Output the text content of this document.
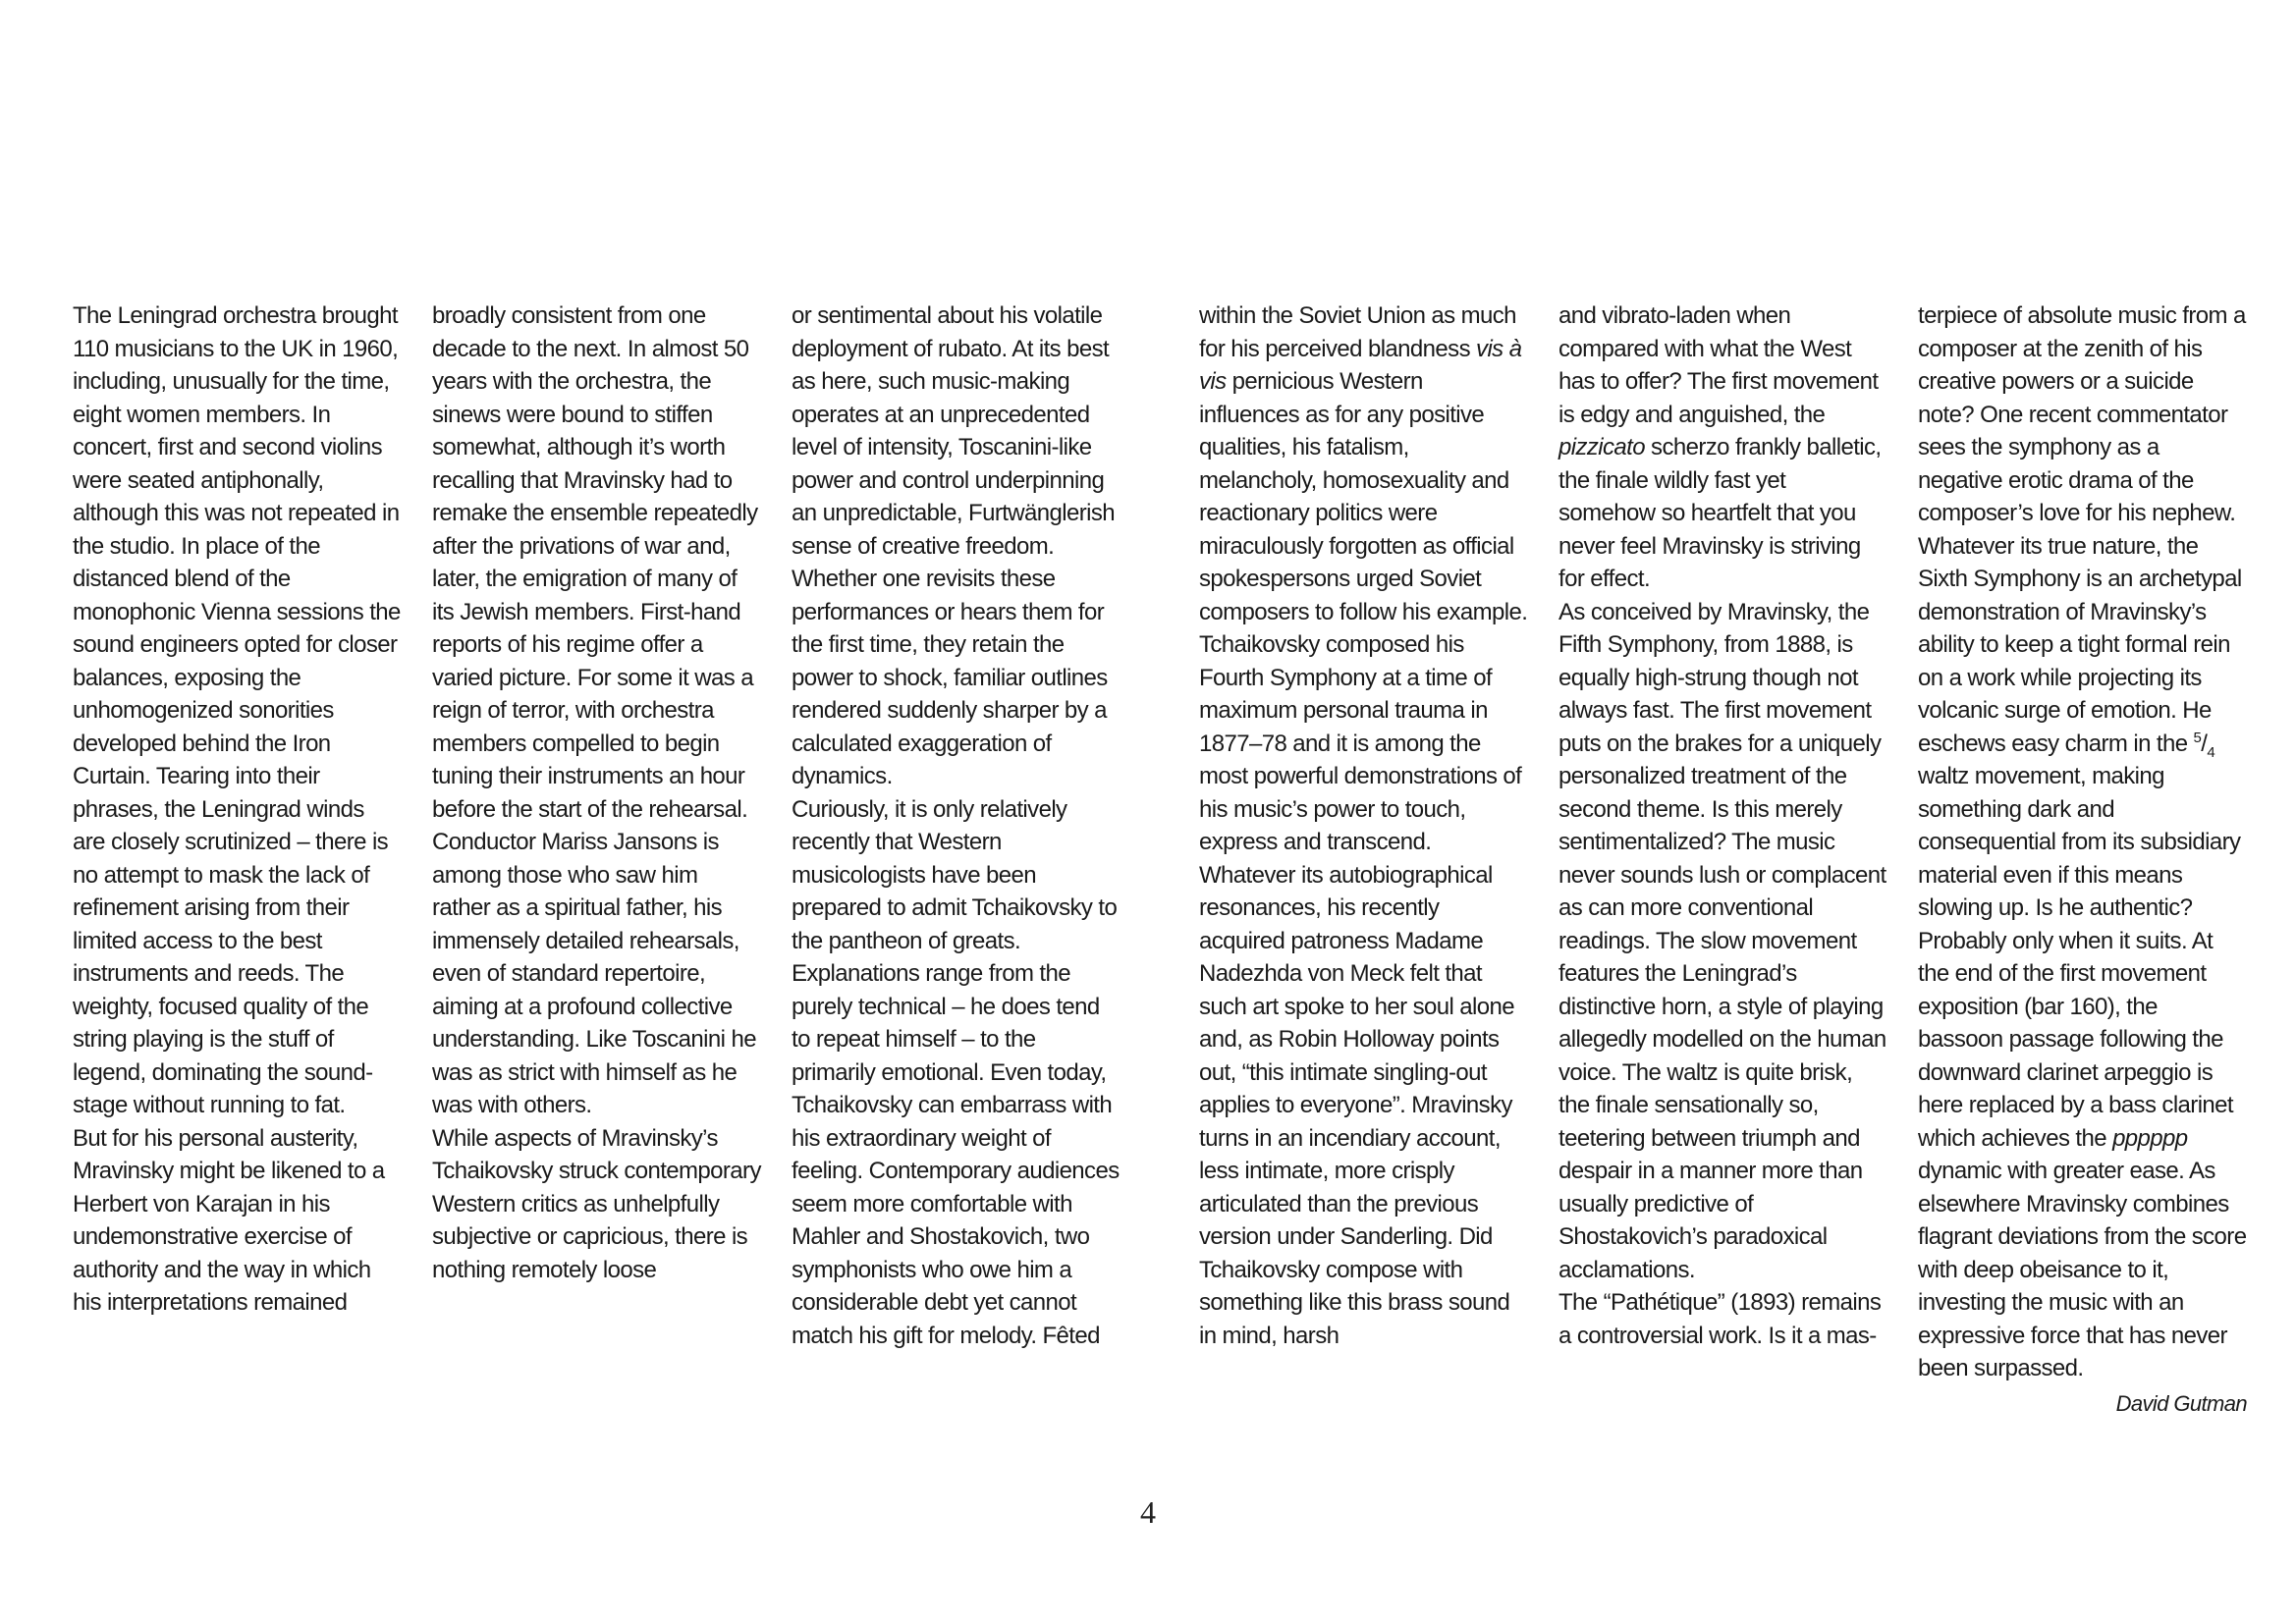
The Leningrad orchestra brought 110 musicians to the UK in 1960, including, unusually for the time, eight women members. In concert, first and second violins were seated antiphonally, although this was not repeated in the studio. In place of the distanced blend of the monophonic Vienna sessions the sound engineers opted for closer balances, exposing the unhomogenized sonorities developed behind the Iron Curtain. Tearing into their phrases, the Leningrad winds are closely scrutinized – there is no attempt to mask the lack of refinement arising from their limited access to the best instruments and reeds. The weighty, focused quality of the string playing is the stuff of legend, dominating the sound-stage without running to fat.

But for his personal austerity, Mravinsky might be likened to a Herbert von Karajan in his undemonstrative exercise of authority and the way in which his interpretations remained

broadly consistent from one decade to the next. In almost 50 years with the orchestra, the sinews were bound to stiffen somewhat, although it’s worth recalling that Mravinsky had to remake the ensemble repeatedly after the privations of war and, later, the emigration of many of its Jewish members. First-hand reports of his regime offer a varied picture. For some it was a reign of terror, with orchestra members compelled to begin tuning their instruments an hour before the start of the rehearsal. Conductor Mariss Jansons is among those who saw him rather as a spiritual father, his immensely detailed rehearsals, even of standard repertoire, aiming at a profound collective understanding. Like Toscanini he was as strict with himself as he was with others.

While aspects of Mravinsky’s Tchaikovsky struck contemporary Western critics as unhelpfully subjective or capricious, there is nothing remotely loose

or sentimental about his volatile deployment of rubato. At its best as here, such music-making operates at an unprecedented level of intensity, Toscanini-like power and control underpinning an unpredictable, Furtwänglerish sense of creative freedom. Whether one revisits these performances or hears them for the first time, they retain the power to shock, familiar outlines rendered suddenly sharper by a calculated exaggeration of dynamics.

Curiously, it is only relatively recently that Western musicologists have been prepared to admit Tchaikovsky to the pantheon of greats. Explanations range from the purely technical – he does tend to repeat himself – to the primarily emotional. Even today, Tchaikovsky can embarrass with his extraordinary weight of feeling. Contemporary audiences seem more comfortable with Mahler and Shostakovich, two symphonists who owe him a considerable debt yet cannot match his gift for melody. Fêted

within the Soviet Union as much for his perceived blandness vis à vis pernicious Western influences as for any positive qualities, his fatalism, melancholy, homosexuality and reactionary politics were miraculously forgotten as official spokespersons urged Soviet composers to follow his example.

Tchaikovsky composed his Fourth Symphony at a time of maximum personal trauma in 1877–78 and it is among the most powerful demonstrations of his music’s power to touch, express and transcend. Whatever its autobiographical resonances, his recently acquired patroness Madame Nadezhda von Meck felt that such art spoke to her soul alone and, as Robin Holloway points out, “this intimate singling-out applies to everyone”. Mravinsky turns in an incendiary account, less intimate, more crisply articulated than the previous version under Sanderling. Did Tchaikovsky compose with something like this brass sound in mind, harsh

and vibrato-laden when compared with what the West has to offer? The first movement is edgy and anguished, the pizzicato scherzo frankly balletic, the finale wildly fast yet somehow so heartfelt that you never feel Mravinsky is striving for effect.

As conceived by Mravinsky, the Fifth Symphony, from 1888, is equally high-strung though not always fast. The first movement puts on the brakes for a uniquely personalized treatment of the second theme. Is this merely sentimentalized? The music never sounds lush or complacent as can more conventional readings. The slow movement features the Leningrad’s distinctive horn, a style of playing allegedly modelled on the human voice. The waltz is quite brisk, the finale sensationally so, teetering between triumph and despair in a manner more than usually predictive of Shostakovich’s paradoxical acclamations.

The “Pathétique” (1893) remains a controversial work. Is it a mas-

terpiece of absolute music from a composer at the zenith of his creative powers or a suicide note? One recent commentator sees the symphony as a negative erotic drama of the composer’s love for his nephew. Whatever its true nature, the Sixth Symphony is an archetypal demonstration of Mravinsky’s ability to keep a tight formal rein on a work while projecting its volcanic surge of emotion. He eschews easy charm in the $^5/_4$ waltz movement, making something dark and consequential from its subsidiary material even if this means slowing up. Is he authentic? Probably only when it suits. At the end of the first movement exposition (bar 160), the bassoon passage following the downward clarinet arpeggio is here replaced by a bass clarinet which achieves the pppppp dynamic with greater ease. As elsewhere Mravinsky combines flagrant deviations from the score with deep obeisance to it, investing the music with an expressive force that has never been surpassed.

David Gutman

4
